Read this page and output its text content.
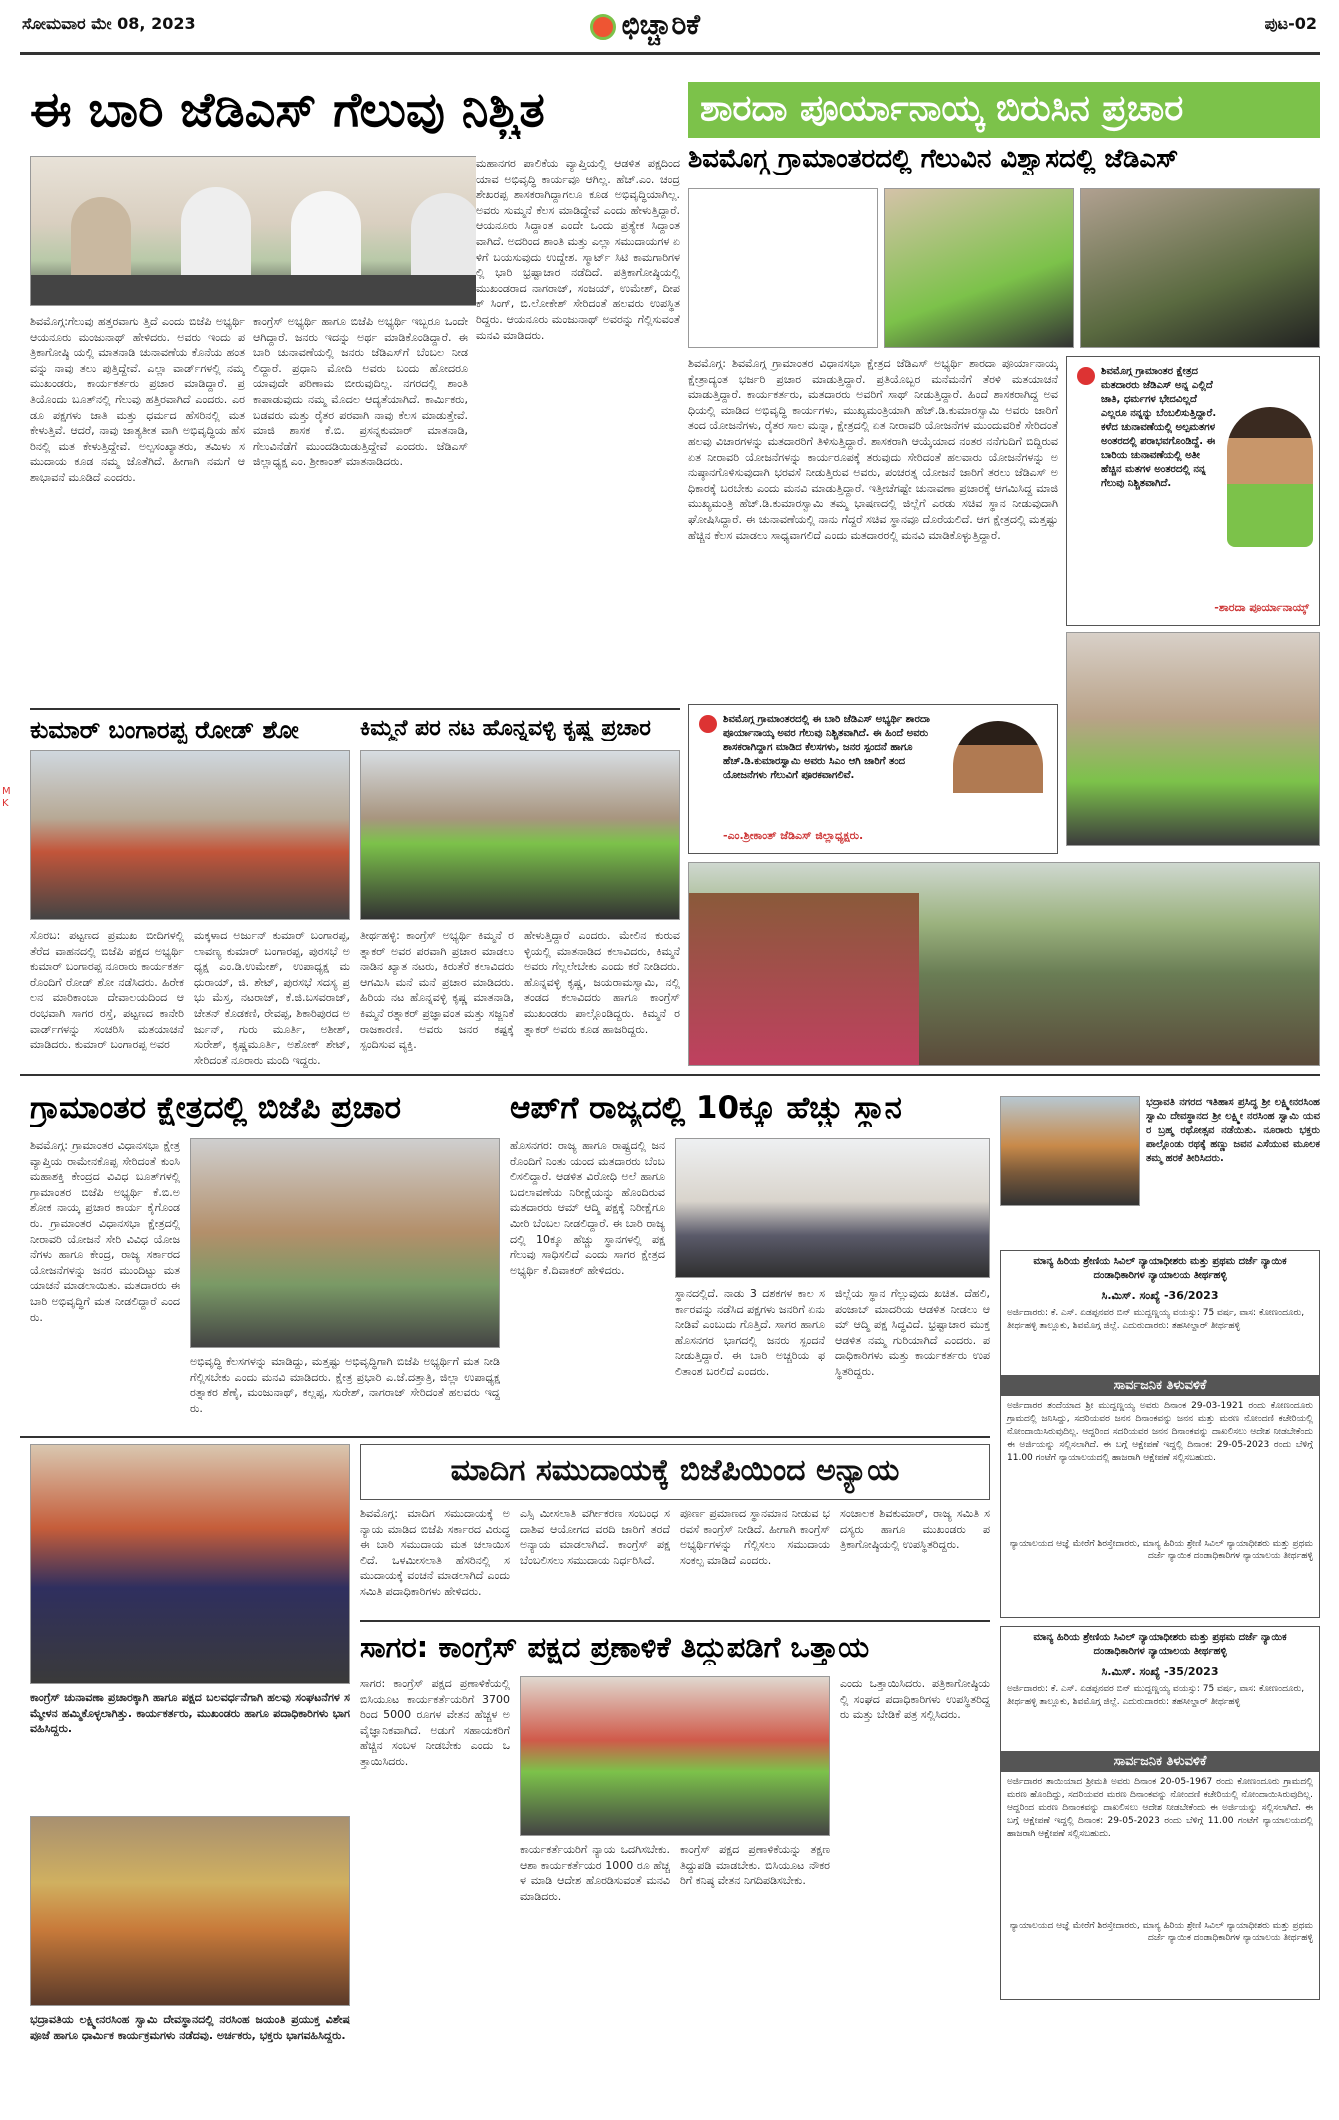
ಸೋಮವಾರ ಮೇ 08, 2023	ಛಿಚ್ಚಾರಿಕೆ	ಪುಟ-02
ಈ ಬಾರಿ ಜೆಡಿಎಸ್ ಗೆಲುವು ನಿಶ್ಚಿತ
ಶಿವಮೊಗ್ಗ:ಗೆಲುವು ಹತ್ತರವಾಗು ತ್ತಿದೆ ಎಂದು ಬಿಜೆಪಿ ಅಭ್ಯರ್ಥಿ ಆಯನೂರು ಮಂಜುನಾಥ್ ಹೇಳಿದರು. ಅವರು ಇಂದು ಪತ್ರಿಕಾಗೋಷ್ಠಿ ಯಲ್ಲಿ ಮಾತನಾಡಿ ಚುನಾವಣೆಯ ಕೊನೆಯ ಹಂತವನ್ನು ನಾವು ತಲು ಪುತ್ತಿದ್ದೇವೆ. ಎಲ್ಲಾ ವಾರ್ಡ್‌ಗಳಲ್ಲಿ ನಮ್ಮ ಮುಖಂಡರು, ಕಾರ್ಯಕರ್ತರು ಪ್ರಚಾರ ಮಾಡಿದ್ದಾರೆ. ಪ್ರತಿಯೊಂದು ಬೂತ್‌ನಲ್ಲಿ ಗೆಲುವು ಹತ್ತಿರವಾಗಿದೆ ಎಂದರು. ಎರಡೂ ಪಕ್ಷಗಳು ಜಾತಿ ಮತ್ತು ಧರ್ಮದ ಹೆಸರಿನಲ್ಲಿ ಮತ ಕೇಳುತ್ತಿವೆ. ಆದರೆ, ನಾವು ಜಾತ್ಯತೀತ ವಾಗಿ ಅಭಿವೃದ್ಧಿಯ ಹೆಸರಿನಲ್ಲಿ ಮತ ಕೇಳುತ್ತಿದ್ದೇವೆ. ಅಲ್ಪಸಂಖ್ಯಾತರು, ತಮಿಳು ಸಮುದಾಯ ಕೂಡ ನಮ್ಮ ಜೊತೆಗಿದೆ. ಹೀಗಾಗಿ ನಮಗೆ ಆಶಾಭಾವನೆ ಮೂಡಿದೆ ಎಂದರು.
ಕಾಂಗ್ರೆಸ್ ಅಭ್ಯರ್ಥಿ ಹಾಗೂ ಬಿಜೆಪಿ ಅಭ್ಯರ್ಥಿ ಇಬ್ಬರೂ ಒಂದೇ ಆಗಿದ್ದಾರೆ. ಜನರು ಇದನ್ನು ಅರ್ಥ ಮಾಡಿಕೊಂಡಿದ್ದಾರೆ. ಈ ಬಾರಿ ಚುನಾವಣೆಯಲ್ಲಿ ಜನರು ಜೆಡಿಎಸ್‌ಗೆ ಬೆಂಬಲ ನೀಡಲಿದ್ದಾರೆ. ಪ್ರಧಾನಿ ಮೋದಿ ಅವರು ಬಂದು ಹೋದರೂ ಯಾವುದೇ ಪರಿಣಾಮ ಬೀರುವುದಿಲ್ಲ. ನಗರದಲ್ಲಿ ಶಾಂತಿ ಕಾಪಾಡುವುದು ನಮ್ಮ ಮೊದಲ ಆದ್ಯತೆಯಾಗಿದೆ. ಕಾರ್ಮಿಕರು, ಬಡವರು ಮತ್ತು ರೈತರ ಪರವಾಗಿ ನಾವು ಕೆಲಸ ಮಾಡುತ್ತೇವೆ. ಮಾಜಿ ಶಾಸಕ ಕೆ.ಬಿ. ಪ್ರಸನ್ನಕುಮಾರ್ ಮಾತನಾಡಿ, ಗೆಲುವಿನೆಡೆಗೆ ಮುಂದಡಿಯಿಡುತ್ತಿದ್ದೇವೆ ಎಂದರು. ಜೆಡಿಎಸ್ ಜಿಲ್ಲಾಧ್ಯಕ್ಷ ಎಂ. ಶ್ರೀಕಾಂತ್ ಮಾತನಾಡಿದರು.
ಮಹಾನಗರ ಪಾಲಿಕೆಯ ವ್ಯಾಪ್ತಿಯಲ್ಲಿ ಆಡಳಿತ ಪಕ್ಷದಿಂದ ಯಾವ ಅಭಿವೃದ್ಧಿ ಕಾರ್ಯವೂ ಆಗಿಲ್ಲ. ಹೆಚ್.ಎಂ. ಚಂದ್ರಶೇಖರಪ್ಪ ಶಾಸಕರಾಗಿದ್ದಾಗಲೂ ಕೂಡ ಅಭಿವೃದ್ಧಿಯಾಗಿಲ್ಲ. ಅವರು ಸುಮ್ಮನೆ ಕೆಲಸ ಮಾಡಿದ್ದೇವೆ ಎಂದು ಹೇಳುತ್ತಿದ್ದಾರೆ. ಆಯನೂರು ಸಿದ್ದಾಂತ ಎಂದೇ ಒಂದು ಪ್ರತ್ಯೇಕ ಸಿದ್ದಾಂತವಾಗಿದೆ. ಅದರಿಂದ ಶಾಂತಿ ಮತ್ತು ಎಲ್ಲಾ ಸಮುದಾಯಗಳ ಏಳಿಗೆ ಬಯಸುವುದು ಉದ್ದೇಶ. ಸ್ಮಾರ್ಟ್ ಸಿಟಿ ಕಾಮಗಾರಿಗಳಲ್ಲಿ ಭಾರಿ ಭ್ರಷ್ಟಾಚಾರ ನಡೆದಿದೆ. ಪತ್ರಿಕಾಗೋಷ್ಠಿಯಲ್ಲಿ ಮುಖಂಡರಾದ ನಾಗರಾಜ್, ಸಂಜಯ್, ಉಮೇಶ್, ದೀಪಕ್ ಸಿಂಗ್, ಬಿ.ಲೋಕೇಶ್ ಸೇರಿದಂತೆ ಹಲವರು ಉಪಸ್ಥಿತರಿದ್ದರು. ಆಯನೂರು ಮಂಜುನಾಥ್ ಅವರನ್ನು ಗೆಲ್ಲಿಸುವಂತೆ ಮನವಿ ಮಾಡಿದರು.
ಶಾರದಾ ಪೂರ್ಯಾನಾಯ್ಕ ಬಿರುಸಿನ ಪ್ರಚಾರ
ಶಿವಮೊಗ್ಗ ಗ್ರಾಮಾಂತರದಲ್ಲಿ ಗೆಲುವಿನ ವಿಶ್ವಾಸದಲ್ಲಿ ಜೆಡಿಎಸ್
ಶಿವಮೊಗ್ಗ: ಶಿವಮೊಗ್ಗ ಗ್ರಾಮಾಂತರ ವಿಧಾನಸಭಾ ಕ್ಷೇತ್ರದ ಜೆಡಿಎಸ್ ಅಭ್ಯರ್ಥಿ ಶಾರದಾ ಪೂರ್ಯಾನಾಯ್ಕ ಕ್ಷೇತ್ರಾದ್ಯಂತ ಭರ್ಜರಿ ಪ್ರಚಾರ ಮಾಡುತ್ತಿದ್ದಾರೆ. ಪ್ರತಿಯೊಬ್ಬರ ಮನೆಮನೆಗೆ ತೆರಳಿ ಮತಯಾಚನೆ ಮಾಡುತ್ತಿದ್ದಾರೆ. ಕಾರ್ಯಕರ್ತರು, ಮತದಾರರು ಅವರಿಗೆ ಸಾಥ್ ನೀಡುತ್ತಿದ್ದಾರೆ. ಹಿಂದೆ ಶಾಸಕರಾಗಿದ್ದ ಅವಧಿಯಲ್ಲಿ ಮಾಡಿದ ಅಭಿವೃದ್ಧಿ ಕಾರ್ಯಗಳು, ಮುಖ್ಯಮಂತ್ರಿಯಾಗಿ ಹೆಚ್.ಡಿ.ಕುಮಾರಸ್ವಾಮಿ ಅವರು ಜಾರಿಗೆ ತಂದ ಯೋಜನೆಗಳು, ರೈತರ ಸಾಲ ಮನ್ನಾ, ಕ್ಷೇತ್ರದಲ್ಲಿ ಏತ ನೀರಾವರಿ ಯೋಜನೆಗಳ ಮುಂದುವರಿಕೆ ಸೇರಿದಂತೆ ಹಲವು ವಿಚಾರಗಳನ್ನು ಮತದಾರರಿಗೆ ತಿಳಿಸುತ್ತಿದ್ದಾರೆ. ಶಾಸಕರಾಗಿ ಆಯ್ಕೆಯಾದ ನಂತರ ನನೆಗುದಿಗೆ ಬಿದ್ದಿರುವ ಏತ ನೀರಾವರಿ ಯೋಜನೆಗಳನ್ನು ಕಾರ್ಯರೂಪಕ್ಕೆ ತರುವುದು ಸೇರಿದಂತೆ ಹಲವಾರು ಯೋಜನೆಗಳನ್ನು ಅನುಷ್ಠಾನಗೊಳಿಸುವುದಾಗಿ ಭರವಸೆ ನೀಡುತ್ತಿರುವ ಅವರು, ಪಂಚರತ್ನ ಯೋಜನೆ ಜಾರಿಗೆ ತರಲು ಜೆಡಿಎಸ್ ಅಧಿಕಾರಕ್ಕೆ ಬರಬೇಕು ಎಂದು ಮನವಿ ಮಾಡುತ್ತಿದ್ದಾರೆ. ಇತ್ತೀಚೆಗಷ್ಟೇ ಚುನಾವಣಾ ಪ್ರಚಾರಕ್ಕೆ ಆಗಮಿಸಿದ್ದ ಮಾಜಿ ಮುಖ್ಯಮಂತ್ರಿ ಹೆಚ್.ಡಿ.ಕುಮಾರಸ್ವಾಮಿ ತಮ್ಮ ಭಾಷಣದಲ್ಲಿ ಜಿಲ್ಲೆಗೆ ಎರಡು ಸಚಿವ ಸ್ಥಾನ ನೀಡುವುದಾಗಿ ಘೋಷಿಸಿದ್ದಾರೆ. ಈ ಚುನಾವಣೆಯಲ್ಲಿ ನಾನು ಗೆದ್ದರೆ ಸಚಿವ ಸ್ಥಾನವೂ ದೊರೆಯಲಿದೆ. ಆಗ ಕ್ಷೇತ್ರದಲ್ಲಿ ಮತ್ತಷ್ಟು ಹೆಚ್ಚಿನ ಕೆಲಸ ಮಾಡಲು ಸಾಧ್ಯವಾಗಲಿದೆ ಎಂದು ಮತದಾರರಲ್ಲಿ ಮನವಿ ಮಾಡಿಕೊಳ್ಳುತ್ತಿದ್ದಾರೆ.
ಶಿವಮೊಗ್ಗ ಗ್ರಾಮಾಂತರ ಕ್ಷೇತ್ರದ ಮತದಾರರು ಜೆಡಿಎಸ್ ಅನ್ನ ಎಲ್ಲಿದೆ ಜಾತಿ, ಧರ್ಮಗಳ ಭೇದವಿಲ್ಲದೆ ಎಲ್ಲರೂ ನನ್ನನ್ನು ಬೆಂಬಲಿಸುತ್ತಿದ್ದಾರೆ. ಕಳೆದ ಚುನಾವಣೆಯಲ್ಲಿ ಅಲ್ಪಮತಗಳ ಅಂತರದಲ್ಲಿ ಪರಾಭವಗೊಂಡಿದ್ದೆ. ಈ ಬಾರಿಯ ಚುನಾವಣೆಯಲ್ಲಿ ಅತೀ ಹೆಚ್ಚಿನ ಮತಗಳ ಅಂತರದಲ್ಲಿ ನನ್ನ ಗೆಲುವು ನಿಶ್ಚಿತವಾಗಿದೆ.
-ಶಾರದಾ ಪೂರ್ಯಾನಾಯ್ಕ್
ಶಿವಮೊಗ್ಗ ಗ್ರಾಮಾಂತರದಲ್ಲಿ ಈ ಬಾರಿ ಜೆಡಿಎಸ್ ಅಭ್ಯರ್ಥಿ ಶಾರದಾ ಪೂರ್ಯಾನಾಯ್ಕ ಅವರ ಗೆಲುವು ನಿಶ್ಚಿತವಾಗಿದೆ. ಈ ಹಿಂದೆ ಅವರು ಶಾಸಕರಾಗಿದ್ದಾಗ ಮಾಡಿದ ಕೆಲಸಗಳು, ಜನರ ಸ್ಪಂದನೆ ಹಾಗೂ ಹೆಚ್.ಡಿ.ಕುಮಾರಸ್ವಾಮಿ ಅವರು ಸಿಎಂ ಆಗಿ ಜಾರಿಗೆ ತಂದ ಯೋಜನೆಗಳು ಗೆಲುವಿಗೆ ಪೂರಕವಾಗಲಿವೆ.
-ಎಂ.ಶ್ರೀಕಾಂತ್ ಜೆಡಿಎಸ್ ಜಿಲ್ಲಾಧ್ಯಕ್ಷರು.
ಕುಮಾರ್ ಬಂಗಾರಪ್ಪ ರೋಡ್ ಶೋ
ಸೊರಬ: ಪಟ್ಟಣದ ಪ್ರಮುಖ ಬೀದಿಗಳಲ್ಲಿ ತೆರೆದ ವಾಹನದಲ್ಲಿ ಬಿಜೆಪಿ ಪಕ್ಷದ ಅಭ್ಯರ್ಥಿ ಕುಮಾರ್ ಬಂಗಾರಪ್ಪ ನೂರಾರು ಕಾರ್ಯಕರ್ತರೊಂದಿಗೆ ರೋಡ್ ಶೋ ನಡೆಸಿದರು. ಹಿರೇಕಲನ ಮಾರಿಕಾಂಬಾ ದೇವಾಲಯದಿಂದ ಆರಂಭವಾಗಿ ಸಾಗರ ರಸ್ತೆ, ಪಟ್ಟಣದ ಕಾನೇರಿ ವಾರ್ಡ್‌ಗಳನ್ನು ಸಂಚರಿಸಿ ಮತಯಾಚನೆ ಮಾಡಿದರು. ಕುಮಾರ್ ಬಂಗಾರಪ್ಪ ಅವರ
ಮಕ್ಕಳಾದ ಅರ್ಜುನ್ ಕುಮಾರ್ ಬಂಗಾರಪ್ಪ, ಲಾವಣ್ಯ ಕುಮಾರ್ ಬಂಗಾರಪ್ಪ, ಪುರಸಭೆ ಅಧ್ಯಕ್ಷ ಎಂ.ಡಿ.ಉಮೇಶ್, ಉಪಾಧ್ಯಕ್ಷ ಮಧುರಾಯ್, ಜಿ. ಶೇಟ್, ಪುರಸಭೆ ಸದಸ್ಯ ಪ್ರಭು ಮೆಸ್ತ, ನಟರಾಜ್, ಕೆ.ಜಿ.ಬಸವರಾಜ್, ಚೇತನ್ ಕೊಡಕಣಿ, ರೇವಪ್ಪ, ಶಿಕಾರಿಪುರದ ಅರ್ಜುನ್, ಗುರು ಮೂರ್ತಿ, ಅಶೀಶ್, ಸುರೇಶ್, ಕೃಷ್ಣಮೂರ್ತಿ, ಅಶೋಕ್ ಶೇಟ್, ಸೇರಿದಂತೆ ನೂರಾರು ಮಂದಿ ಇದ್ದರು.
ಕಿಮ್ಮನೆ ಪರ ನಟ ಹೊನ್ನವಳ್ಳಿ ಕೃಷ್ಣ ಪ್ರಚಾರ
ತೀರ್ಥಹಳ್ಳಿ: ಕಾಂಗ್ರೆಸ್ ಅಭ್ಯರ್ಥಿ ಕಿಮ್ಮನೆ ರತ್ನಾಕರ್ ಅವರ ಪರವಾಗಿ ಪ್ರಚಾರ ಮಾಡಲು ನಾಡಿನ ಖ್ಯಾತ ನಟರು, ಕಿರುತೆರೆ ಕಲಾವಿದರು ಆಗಮಿಸಿ ಮನೆ ಮನೆ ಪ್ರಚಾರ ಮಾಡಿದರು. ಹಿರಿಯ ನಟ ಹೊನ್ನವಳ್ಳಿ ಕೃಷ್ಣ ಮಾತನಾಡಿ, ಕಿಮ್ಮನೆ ರತ್ನಾಕರ್ ಪ್ರಜ್ಞಾವಂತ ಮತ್ತು ಸಜ್ಜನಿಕೆ ರಾಜಕಾರಣಿ. ಅವರು ಜನರ ಕಷ್ಟಕ್ಕೆ ಸ್ಪಂದಿಸುವ ವ್ಯಕ್ತಿ.
ಹೇಳುತ್ತಿದ್ದಾರೆ ಎಂದರು. ಮೇಲಿನ ಕುರುವಳ್ಳಿಯಲ್ಲಿ ಮಾತನಾಡಿದ ಕಲಾವಿದರು, ಕಿಮ್ಮನೆ ಅವರು ಗೆಲ್ಲಲೇಬೇಕು ಎಂದು ಕರೆ ನೀಡಿದರು. ಹೊನ್ನವಳ್ಳಿ ಕೃಷ್ಣ, ಜಯರಾಮಸ್ವಾಮಿ, ನಲ್ಲಿ ತಂಡದ ಕಲಾವಿದರು ಹಾಗೂ ಕಾಂಗ್ರೆಸ್ ಮುಖಂಡರು ಪಾಲ್ಗೊಂಡಿದ್ದರು. ಕಿಮ್ಮನೆ ರತ್ನಾಕರ್ ಅವರು ಕೂಡ ಹಾಜರಿದ್ದರು.
M K
ಗ್ರಾಮಾಂತರ ಕ್ಷೇತ್ರದಲ್ಲಿ ಬಿಜೆಪಿ ಪ್ರಚಾರ
ಶಿವಮೊಗ್ಗ: ಗ್ರಾಮಾಂತರ ವಿಧಾನಸಭಾ ಕ್ಷೇತ್ರ ವ್ಯಾಪ್ತಿಯ ರಾಮೇನಕೊಪ್ಪ ಸೇರಿದಂತೆ ಕುಂಸಿ ಮಹಾಶಕ್ತಿ ಕೇಂದ್ರದ ವಿವಿಧ ಬೂತ್‌ಗಳಲ್ಲಿ ಗ್ರಾಮಾಂತರ ಬಿಜೆಪಿ ಅಭ್ಯರ್ಥಿ ಕೆ.ಬಿ.ಅಶೋಕ ನಾಯ್ಕ ಪ್ರಚಾರ ಕಾರ್ಯ ಕೈಗೊಂಡರು. ಗ್ರಾಮಾಂತರ ವಿಧಾನಸಭಾ ಕ್ಷೇತ್ರದಲ್ಲಿ ನೀರಾವರಿ ಯೋಜನೆ ಸೇರಿ ವಿವಿಧ ಯೋಜನೆಗಳು ಹಾಗೂ ಕೇಂದ್ರ, ರಾಜ್ಯ ಸರ್ಕಾರದ ಯೋಜನೆಗಳನ್ನು ಜನರ ಮುಂದಿಟ್ಟು ಮತಯಾಚನೆ ಮಾಡಲಾಯಿತು. ಮತದಾರರು ಈ ಬಾರಿ ಅಭಿವೃದ್ಧಿಗೆ ಮತ ನೀಡಲಿದ್ದಾರೆ ಎಂದರು.
ಅಭಿವೃದ್ಧಿ ಕೆಲಸಗಳನ್ನು ಮಾಡಿದ್ದು, ಮತ್ತಷ್ಟು ಅಭಿವೃದ್ಧಿಗಾಗಿ ಬಿಜೆಪಿ ಅಭ್ಯರ್ಥಿಗೆ ಮತ ನೀಡಿ ಗೆಲ್ಲಿಸಬೇಕು ಎಂದು ಮನವಿ ಮಾಡಿದರು. ಕ್ಷೇತ್ರ ಪ್ರಭಾರಿ ಎ.ಜೆ.ದತ್ತಾತ್ರಿ, ಜಿಲ್ಲಾ ಉಪಾಧ್ಯಕ್ಷ ರತ್ನಾಕರ ಶೆಣೈ, ಮಂಜುನಾಥ್, ಕಲ್ಲಪ್ಪ, ಸುರೇಶ್, ನಾಗರಾಜ್ ಸೇರಿದಂತೆ ಹಲವರು ಇದ್ದರು.
ಆಪ್‌ಗೆ ರಾಜ್ಯದಲ್ಲಿ 10ಕ್ಕೂ ಹೆಚ್ಚು ಸ್ಥಾನ
ಹೊಸನಗರ: ರಾಜ್ಯ ಹಾಗೂ ರಾಷ್ಟ್ರದಲ್ಲಿ ಜನರೊಂದಿಗೆ ನಿಂತು ಯಂದ ಮತದಾರರು ಬೆಂಬಲಿಸಲಿದ್ದಾರೆ. ಆಡಳಿತ ವಿರೋಧಿ ಅಲೆ ಹಾಗೂ ಬದಲಾವಣೆಯ ನಿರೀಕ್ಷೆಯನ್ನು ಹೊಂದಿರುವ ಮತದಾರರು ಆಮ್ ಆದ್ಮಿ ಪಕ್ಷಕ್ಕೆ ನಿರೀಕ್ಷೆಗೂ ಮೀರಿ ಬೆಂಬಲ ನೀಡಲಿದ್ದಾರೆ. ಈ ಬಾರಿ ರಾಜ್ಯದಲ್ಲಿ 10ಕ್ಕೂ ಹೆಚ್ಚು ಸ್ಥಾನಗಳಲ್ಲಿ ಪಕ್ಷ ಗೆಲುವು ಸಾಧಿಸಲಿದೆ ಎಂದು ಸಾಗರ ಕ್ಷೇತ್ರದ ಅಭ್ಯರ್ಥಿ ಕೆ.ದಿವಾಕರ್ ಹೇಳಿದರು.
ಸ್ಥಾನದಲ್ಲಿದೆ. ನಾಡು 3 ದಶಕಗಳ ಕಾಲ ಸರ್ಕಾರವನ್ನು ನಡೆಸಿದ ಪಕ್ಷಗಳು ಜನರಿಗೆ ಏನು ನೀಡಿವೆ ಎಂಬುದು ಗೊತ್ತಿದೆ. ಸಾಗರ ಹಾಗೂ ಹೊಸನಗರ ಭಾಗದಲ್ಲಿ ಜನರು ಸ್ಪಂದನೆ ನೀಡುತ್ತಿದ್ದಾರೆ. ಈ ಬಾರಿ ಅಚ್ಚರಿಯ ಫಲಿತಾಂಶ ಬರಲಿದೆ ಎಂದರು.
ಜಿಲ್ಲೆಯ ಸ್ಥಾನ ಗೆಲ್ಲುವುದು ಖಚಿತ. ದೆಹಲಿ, ಪಂಜಾಬ್ ಮಾದರಿಯ ಆಡಳಿತ ನೀಡಲು ಆಮ್ ಆದ್ಮಿ ಪಕ್ಷ ಸಿದ್ಧವಿದೆ. ಭ್ರಷ್ಟಾಚಾರ ಮುಕ್ತ ಆಡಳಿತ ನಮ್ಮ ಗುರಿಯಾಗಿದೆ ಎಂದರು. ಪದಾಧಿಕಾರಿಗಳು ಮತ್ತು ಕಾರ್ಯಕರ್ತರು ಉಪಸ್ಥಿತರಿದ್ದರು.
ಭದ್ರಾವತಿ ನಗರದ ಇತಿಹಾಸ ಪ್ರಸಿದ್ಧ ಶ್ರೀ ಲಕ್ಷ್ಮೀನರಸಿಂಹ ಸ್ವಾಮಿ ದೇವಸ್ಥಾನದ ಶ್ರೀ ಲಕ್ಷ್ಮೀ ನರಸಿಂಹ ಸ್ವಾಮಿ ಯವರ ಬ್ರಹ್ಮ ರಥೋತ್ಸವ ನಡೆಯಿತು. ನೂರಾರು ಭಕ್ತರು ಪಾಲ್ಗೊಂಡು ರಥಕ್ಕೆ ಹಣ್ಣು ಜವನ ಎಸೆಯುವ ಮೂಲಕ ತಮ್ಮ ಹರಕೆ ತೀರಿಸಿದರು.
ಮಾನ್ಯ ಹಿರಿಯ ಶ್ರೇಣಿಯ ಸಿವಿಲ್ ನ್ಯಾಯಾಧೀಶರು ಮತ್ತು ಪ್ರಥಮ ದರ್ಜೆ ನ್ಯಾಯಿಕ ದಂಡಾಧಿಕಾರಿಗಳ ನ್ಯಾಯಾಲಯ ತೀರ್ಥಹಳ್ಳಿ
ಸಿ.ಮಿಸ್. ಸಂಖ್ಯೆ -36/2023
ಅರ್ಜಿದಾರರು: ಕೆ. ಎಸ್. ಏಡಪ್ಪನವರ ಬಿನ್ ಮುದ್ದಣ್ಣಯ್ಯ ವಯಸ್ಸು: 75 ವರ್ಷ, ವಾಸ: ಕೋಣಂದೂರು, ತೀರ್ಥಹಳ್ಳಿ ತಾಲ್ಲೂಕು, ಶಿವಮೊಗ್ಗ ಜಿಲ್ಲೆ. ಎದುರುದಾರರು: ತಹಸೀಲ್ದಾರ್ ತೀರ್ಥಹಳ್ಳಿ
ಸಾರ್ವಜನಿಕ ತಿಳುವಳಿಕೆ
ಅರ್ಜಿದಾರರ ತಂದೆಯಾದ ಶ್ರೀ ಮುದ್ದಣ್ಣಯ್ಯ ಅವರು ದಿನಾಂಕ 29-03-1921 ರಂದು ಕೋಣಂದೂರು ಗ್ರಾಮದಲ್ಲಿ ಜನಿಸಿದ್ದು, ಸದರಿಯವರ ಜನನ ದಿನಾಂಕವನ್ನು ಜನನ ಮತ್ತು ಮರಣ ನೋಂದಣಿ ಕಚೇರಿಯಲ್ಲಿ ನೋಂದಾಯಿಸಿರುವುದಿಲ್ಲ. ಆದ್ದರಿಂದ ಸದರಿಯವರ ಜನನ ದಿನಾಂಕವನ್ನು ದಾಖಲಿಸಲು ಆದೇಶ ನೀಡಬೇಕೆಂದು ಈ ಅರ್ಜಿಯನ್ನು ಸಲ್ಲಿಸಲಾಗಿದೆ. ಈ ಬಗ್ಗೆ ಆಕ್ಷೇಪಣೆ ಇದ್ದಲ್ಲಿ ದಿನಾಂಕ: 29-05-2023 ರಂದು ಬೆಳಿಗ್ಗೆ 11.00 ಗಂಟೆಗೆ ನ್ಯಾಯಾಲಯದಲ್ಲಿ ಹಾಜರಾಗಿ ಆಕ್ಷೇಪಣೆ ಸಲ್ಲಿಸಬಹುದು.
ನ್ಯಾಯಾಲಯದ ಆಜ್ಞೆ ಮೇರೆಗೆ ಶಿರಸ್ತೇದಾರರು, ಮಾನ್ಯ ಹಿರಿಯ ಶ್ರೇಣಿ ಸಿವಿಲ್ ನ್ಯಾಯಾಧೀಶರು ಮತ್ತು ಪ್ರಥಮ ದರ್ಜೆ ನ್ಯಾಯಿಕ ದಂಡಾಧಿಕಾರಿಗಳ ನ್ಯಾಯಾಲಯ ತೀರ್ಥಹಳ್ಳಿ
ಮಾನ್ಯ ಹಿರಿಯ ಶ್ರೇಣಿಯ ಸಿವಿಲ್ ನ್ಯಾಯಾಧೀಶರು ಮತ್ತು ಪ್ರಥಮ ದರ್ಜೆ ನ್ಯಾಯಿಕ ದಂಡಾಧಿಕಾರಿಗಳ ನ್ಯಾಯಾಲಯ ತೀರ್ಥಹಳ್ಳಿ
ಸಿ.ಮಿಸ್. ಸಂಖ್ಯೆ -35/2023
ಅರ್ಜಿದಾರರು: ಕೆ. ಎಸ್. ಏಡಪ್ಪನವರ ಬಿನ್ ಮುದ್ದಣ್ಣಯ್ಯ ವಯಸ್ಸು: 75 ವರ್ಷ, ವಾಸ: ಕೋಣಂದೂರು, ತೀರ್ಥಹಳ್ಳಿ ತಾಲ್ಲೂಕು, ಶಿವಮೊಗ್ಗ ಜಿಲ್ಲೆ. ಎದುರುದಾರರು: ತಹಸೀಲ್ದಾರ್ ತೀರ್ಥಹಳ್ಳಿ
ಸಾರ್ವಜನಿಕ ತಿಳುವಳಿಕೆ
ಅರ್ಜಿದಾರರ ತಾಯಿಯಾದ ಶ್ರೀಮತಿ ಅವರು ದಿನಾಂಕ 20-05-1967 ರಂದು ಕೋಣಂದೂರು ಗ್ರಾಮದಲ್ಲಿ ಮರಣ ಹೊಂದಿದ್ದು, ಸದರಿಯವರ ಮರಣ ದಿನಾಂಕವನ್ನು ನೋಂದಣಿ ಕಚೇರಿಯಲ್ಲಿ ನೋಂದಾಯಿಸಿರುವುದಿಲ್ಲ. ಆದ್ದರಿಂದ ಮರಣ ದಿನಾಂಕವನ್ನು ದಾಖಲಿಸಲು ಆದೇಶ ನೀಡಬೇಕೆಂದು ಈ ಅರ್ಜಿಯನ್ನು ಸಲ್ಲಿಸಲಾಗಿದೆ. ಈ ಬಗ್ಗೆ ಆಕ್ಷೇಪಣೆ ಇದ್ದಲ್ಲಿ ದಿನಾಂಕ: 29-05-2023 ರಂದು ಬೆಳಿಗ್ಗೆ 11.00 ಗಂಟೆಗೆ ನ್ಯಾಯಾಲಯದಲ್ಲಿ ಹಾಜರಾಗಿ ಆಕ್ಷೇಪಣೆ ಸಲ್ಲಿಸಬಹುದು.
ನ್ಯಾಯಾಲಯದ ಆಜ್ಞೆ ಮೇರೆಗೆ ಶಿರಸ್ತೇದಾರರು, ಮಾನ್ಯ ಹಿರಿಯ ಶ್ರೇಣಿ ಸಿವಿಲ್ ನ್ಯಾಯಾಧೀಶರು ಮತ್ತು ಪ್ರಥಮ ದರ್ಜೆ ನ್ಯಾಯಿಕ ದಂಡಾಧಿಕಾರಿಗಳ ನ್ಯಾಯಾಲಯ ತೀರ್ಥಹಳ್ಳಿ
ಮಾದಿಗ ಸಮುದಾಯಕ್ಕೆ ಬಿಜೆಪಿಯಿಂದ ಅನ್ಯಾಯ
ಶಿವಮೊಗ್ಗ: ಮಾದಿಗ ಸಮುದಾಯಕ್ಕೆ ಅನ್ಯಾಯ ಮಾಡಿದ ಬಿಜೆಪಿ ಸರ್ಕಾರದ ವಿರುದ್ಧ ಈ ಬಾರಿ ಸಮುದಾಯ ಮತ ಚಲಾಯಿಸಲಿದೆ. ಒಳಮೀಸಲಾತಿ ಹೆಸರಿನಲ್ಲಿ ಸಮುದಾಯಕ್ಕೆ ವಂಚನೆ ಮಾಡಲಾಗಿದೆ ಎಂದು ಸಮಿತಿ ಪದಾಧಿಕಾರಿಗಳು ಹೇಳಿದರು.
ಎಸ್ಸಿ ಮೀಸಲಾತಿ ವರ್ಗೀಕರಣ ಸಂಬಂಧ ಸದಾಶಿವ ಆಯೋಗದ ವರದಿ ಜಾರಿಗೆ ತರದೆ ಅನ್ಯಾಯ ಮಾಡಲಾಗಿದೆ. ಕಾಂಗ್ರೆಸ್ ಪಕ್ಷ ಬೆಂಬಲಿಸಲು ಸಮುದಾಯ ನಿರ್ಧರಿಸಿದೆ.
ಪೂರ್ಣ ಪ್ರಮಾಣದ ಸ್ಥಾನಮಾನ ನೀಡುವ ಭರವಸೆ ಕಾಂಗ್ರೆಸ್ ನೀಡಿದೆ. ಹೀಗಾಗಿ ಕಾಂಗ್ರೆಸ್ ಅಭ್ಯರ್ಥಿಗಳನ್ನು ಗೆಲ್ಲಿಸಲು ಸಮುದಾಯ ಸಂಕಲ್ಪ ಮಾಡಿದೆ ಎಂದರು.
ಸಂಚಾಲಕ ಶಿವಕುಮಾರ್, ರಾಜ್ಯ ಸಮಿತಿ ಸದಸ್ಯರು ಹಾಗೂ ಮುಖಂಡರು ಪತ್ರಿಕಾಗೋಷ್ಠಿಯಲ್ಲಿ ಉಪಸ್ಥಿತರಿದ್ದರು.
ಕಾಂಗ್ರೆಸ್ ಚುನಾವಣಾ ಪ್ರಚಾರಕ್ಕಾಗಿ ಹಾಗೂ ಪಕ್ಷದ ಬಲವರ್ಧನೆಗಾಗಿ ಹಲವು ಸಂಘಟನೆಗಳ ಸಮ್ಮೇಳನ ಹಮ್ಮಿಕೊಳ್ಳಲಾಗಿತ್ತು. ಕಾರ್ಯಕರ್ತರು, ಮುಖಂಡರು ಹಾಗೂ ಪದಾಧಿಕಾರಿಗಳು ಭಾಗವಹಿಸಿದ್ದರು.
ಭದ್ರಾವತಿಯ ಲಕ್ಷ್ಮೀನರಸಿಂಹ ಸ್ವಾಮಿ ದೇವಸ್ಥಾನದಲ್ಲಿ ನರಸಿಂಹ ಜಯಂತಿ ಪ್ರಯುಕ್ತ ವಿಶೇಷ ಪೂಜೆ ಹಾಗೂ ಧಾರ್ಮಿಕ ಕಾರ್ಯಕ್ರಮಗಳು ನಡೆದವು. ಅರ್ಚಕರು, ಭಕ್ತರು ಭಾಗವಹಿಸಿದ್ದರು.
ಸಾಗರ: ಕಾಂಗ್ರೆಸ್ ಪಕ್ಷದ ಪ್ರಣಾಳಿಕೆ ತಿದ್ದುಪಡಿಗೆ ಒತ್ತಾಯ
ಸಾಗರ: ಕಾಂಗ್ರೆಸ್ ಪಕ್ಷದ ಪ್ರಣಾಳಿಕೆಯಲ್ಲಿ ಬಿಸಿಯೂಟ ಕಾರ್ಯಕರ್ತೆಯರಿಗೆ 3700 ರಿಂದ 5000 ರೂಗಳ ವೇತನ ಹೆಚ್ಚಳ ಅವೈಜ್ಞಾನಿಕವಾಗಿದೆ. ಅಡುಗೆ ಸಹಾಯಕರಿಗೆ ಹೆಚ್ಚಿನ ಸಂಬಳ ನೀಡಬೇಕು ಎಂದು ಒತ್ತಾಯಿಸಿದರು.
ಕಾರ್ಯಕರ್ತೆಯರಿಗೆ ನ್ಯಾಯ ಒದಗಿಸಬೇಕು. ಆಶಾ ಕಾರ್ಯಕರ್ತೆಯರ 1000 ರೂ ಹೆಚ್ಚಳ ಮಾಡಿ ಆದೇಶ ಹೊರಡಿಸುವಂತೆ ಮನವಿ ಮಾಡಿದರು.
ಕಾಂಗ್ರೆಸ್ ಪಕ್ಷದ ಪ್ರಣಾಳಿಕೆಯನ್ನು ತಕ್ಷಣ ತಿದ್ದುಪಡಿ ಮಾಡಬೇಕು. ಬಿಸಿಯೂಟ ನೌಕರರಿಗೆ ಕನಿಷ್ಠ ವೇತನ ನಿಗದಿಪಡಿಸಬೇಕು.
ಎಂದು ಒತ್ತಾಯಿಸಿದರು. ಪತ್ರಿಕಾಗೋಷ್ಠಿಯಲ್ಲಿ ಸಂಘದ ಪದಾಧಿಕಾರಿಗಳು ಉಪಸ್ಥಿತರಿದ್ದರು ಮತ್ತು ಬೇಡಿಕೆ ಪತ್ರ ಸಲ್ಲಿಸಿದರು.
